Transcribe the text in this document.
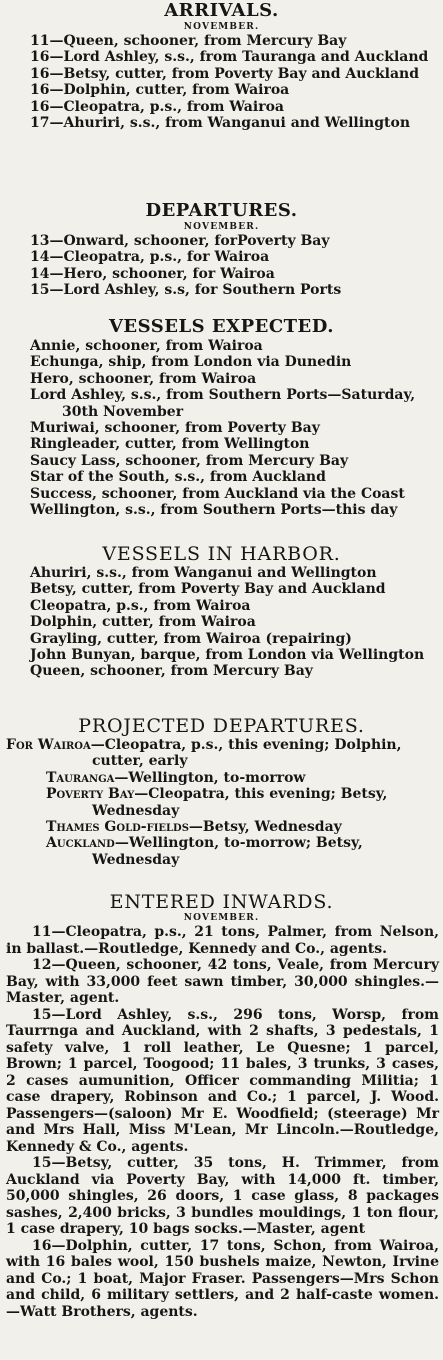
ARRIVALS.

NOVEMBER.

11—Queen, schooner, from Mercury Bay

16—Lord Ashley, s.s., from Tauranga and Auckland

16—Betsy, cutter, from Poverty Bay and Auckland

16—Dolphin, cutter, from Wairoa

16—Cleopatra, p.s., from Wairoa

17—Ahuriri, s.s., from Wanganui and Wellington

DEPARTURES.

NOVEMBER.

13—Onward, schooner, forPoverty Bay

14—Cleopatra, p.s., for Wairoa

14—Hero, schooner, for Wairoa

15—Lord Ashley, s.s, for Southern Ports

VESSELS EXPECTED.

Annie, schooner, from Wairoa

Echunga, ship, from London via Dunedin

Hero, schooner, from Wairoa

Lord Ashley, s.s., from Southern Ports—Saturday, 30th November

Muriwai, schooner, from Poverty Bay

Ringleader, cutter, from Wellington

Saucy Lass, schooner, from Mercury Bay

Star of the South, s.s., from Auckland

Success, schooner, from Auckland via the Coast

Wellington, s.s., from Southern Ports—this day

VESSELS IN HARBOR.

Ahuriri, s.s., from Wanganui and Wellington

Betsy, cutter, from Poverty Bay and Auckland

Cleopatra, p.s., from Wairoa

Dolphin, cutter, from Wairoa

Grayling, cutter, from Wairoa (repairing)

John Bunyan, barque, from London via Wellington

Queen, schooner, from Mercury Bay

PROJECTED DEPARTURES.

For Wairoa—Cleopatra, p.s., this evening; Dolphin, cutter, early

Tauranga—Wellington, to-morrow

Poverty Bay—Cleopatra, this evening; Betsy, Wednesday

Thames Gold-fields—Betsy, Wednesday

Auckland—Wellington, to-morrow; Betsy, Wednesday

ENTERED INWARDS.

NOVEMBER.

11—Cleopatra, p.s., 21 tons, Palmer, from Nelson, in ballast.—Routledge, Kennedy and Co., agents.

12—Queen, schooner, 42 tons, Veale, from Mercury Bay, with 33,000 feet sawn timber, 30,000 shingles.—Master, agent.

15—Lord Ashley, s.s., 296 tons, Worsp, from Taurrnga and Auckland, with 2 shafts, 3 pedestals, 1 safety valve, 1 roll leather, Le Quesne; 1 parcel, Brown; 1 parcel, Toogood; 11 bales, 3 trunks, 3 cases, 2 cases aumunition, Officer commanding Militia; 1 case drapery, Robinson and Co.; 1 parcel, J. Wood. Passengers—(saloon) Mr E. Woodfield; (steerage) Mr and Mrs Hall, Miss M'Lean, Mr Lincoln.—Routledge, Kennedy & Co., agents.

15—Betsy, cutter, 35 tons, H. Trimmer, from Auckland via Poverty Bay, with 14,000 ft. timber, 50,000 shingles, 26 doors, 1 case glass, 8 packages sashes, 2,400 bricks, 3 bundles mouldings, 1 ton flour, 1 case drapery, 10 bags socks.—Master, agent

16—Dolphin, cutter, 17 tons, Schon, from Wairoa, with 16 bales wool, 150 bushels maize, Newton, Irvine and Co.; 1 boat, Major Fraser. Passengers—Mrs Schon and child, 6 military settlers, and 2 half-caste women.—Watt Brothers, agents.
